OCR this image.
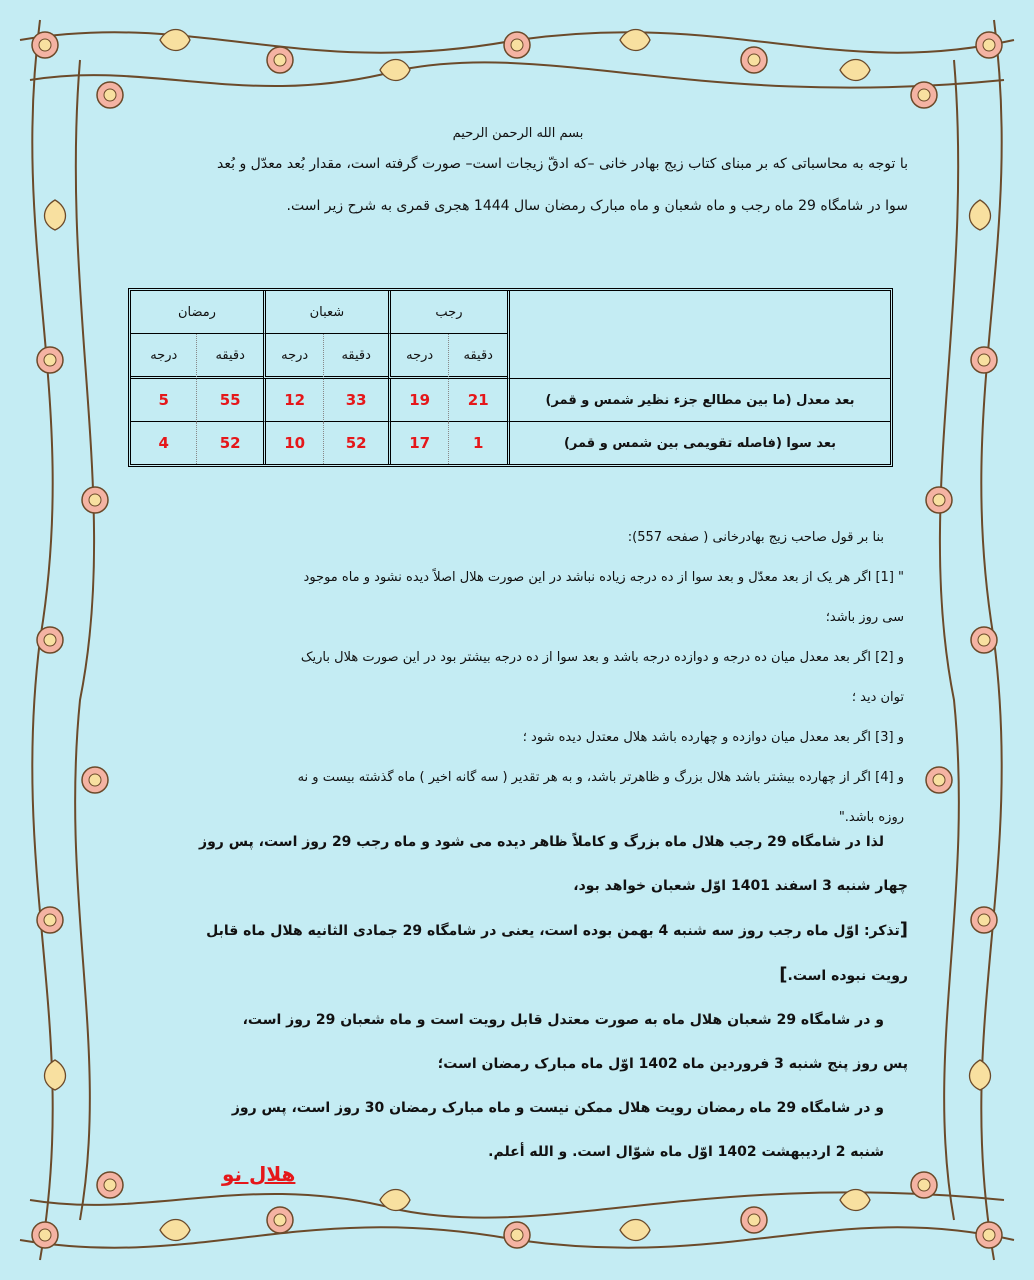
بسم الله الرحمن الرحیم
با توجه به محاسباتی که بر مبنای کتاب زیج بهادر خانی –که ادقّ زیجات است– صورت گرفته است، مقدار بُعد معدّل و بُعد
سوا در شامگاه 29 ماه رجب و ماه شعبان و ماه مبارک رمضان سال 1444 هجری قمری به شرح زیر است.
	رجب		شعبان		رمضان	
	دقیقه	درجه	دقیقه	درجه	دقیقه	درجه
بعد معدل (ما بین مطالع جزء نظیر شمس و قمر)	21	19	33	12	55	5
بعد سوا (فاصله تقویمی بین شمس و قمر)	1	17	52	10	52	4

بنا بر قول صاحب زیج بهادرخانی ( صفحه 557):

" [1] اگر هر یک از بعد معدّل و بعد سوا از ده درجه زیاده نباشد در این صورت هلال اصلاً دیده نشود و ماه موجود

سی روز باشد؛

و [2] اگر بعد معدل میان ده درجه و دوازده درجه باشد و بعد سوا از ده درجه بیشتر بود در این صورت هلال باریک

توان دید ؛

و [3] اگر بعد معدل میان دوازده و چهارده باشد هلال معتدل دیده شود ؛

و [4] اگر از چهارده بیشتر باشد هلال بزرگ و ظاهرتر باشد، و به هر تقدیر ( سه گانه اخیر ) ماه گذشته بیست و نه

روزه باشد."

لذا در شامگاه 29 رجب هلال ماه بزرگ و کاملاً ظاهر دیده می شود و ماه رجب 29 روز است، پس روز

چهار شنبه 3 اسفند 1401 اوّل شعبان خواهد بود،

[تذکر: اوّل ماه رجب روز سه شنبه 4 بهمن بوده است، یعنی در شامگاه 29 جمادی الثانیه هلال ماه قابل

رویت نبوده است.]

و در شامگاه 29 شعبان هلال ماه به صورت معتدل قابل رویت است و ماه شعبان 29 روز است،

پس روز پنج شنبه 3 فروردین ماه 1402 اوّل ماه مبارک رمضان است؛

و در شامگاه 29 ماه رمضان رویت هلال ممکن نیست و ماه مبارک رمضان 30 روز است، پس روز

شنبه 2 اردیبهشت 1402 اوّل ماه شوّال است. و الله أعلم.

هلال نو
